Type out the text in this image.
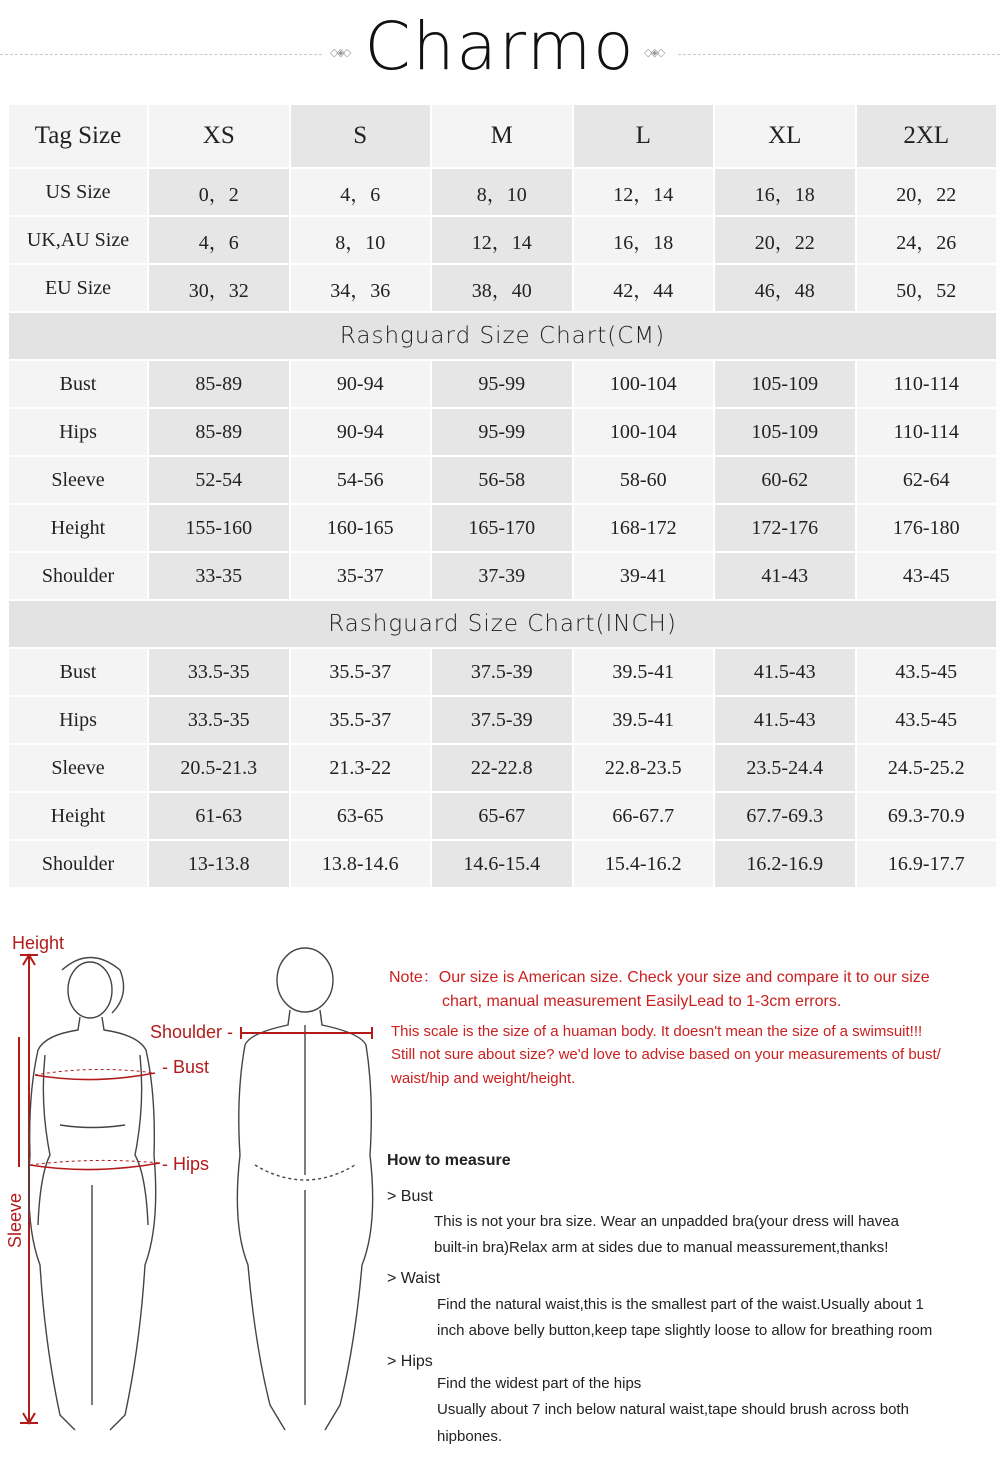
◇◈◇ Charmo ◇◈◇
Tag Size	XS	S	M	L	XL	2XL
US Size	0，2	4，6	8，10	12，14	16，18	20，22
UK,AU Size	4，6	8，10	12，14	16，18	20，22	24，26
EU Size	30，32	34，36	38，40	42，44	46，48	50，52
Rashguard Size Chart(CM)						
Bust	85-89	90-94	95-99	100-104	105-109	110-114
Hips	85-89	90-94	95-99	100-104	105-109	110-114
Sleeve	52-54	54-56	56-58	58-60	60-62	62-64
Height	155-160	160-165	165-170	168-172	172-176	176-180
Shoulder	33-35	35-37	37-39	39-41	41-43	43-45
Rashguard Size Chart(INCH)						
Bust	33.5-35	35.5-37	37.5-39	39.5-41	41.5-43	43.5-45
Hips	33.5-35	35.5-37	37.5-39	39.5-41	41.5-43	43.5-45
Sleeve	20.5-21.3	21.3-22	22-22.8	22.8-23.5	23.5-24.4	24.5-25.2
Height	61-63	63-65	65-67	66-67.7	67.7-69.3	69.3-70.9
Shoulder	13-13.8	13.8-14.6	14.6-15.4	15.4-16.2	16.2-16.9	16.9-17.7
Height
Shoulder -
- Bust
- Hips
Sleeve
Note：Our size is American size. Check your size and compare it to our size
chart, manual measurement EasilyLead to 1-3cm errors.
This scale is the size of a huaman body. It doesn't mean the size of a swimsuit!!!
Still not sure about size? we'd love to advise based on your measurements of bust/
waist/hip and weight/height.
How to measure
> Bust
This is not your bra size. Wear an unpadded bra(your dress will havea
built-in bra)Relax arm at sides due to manual meassurement,thanks!
> Waist
Find the natural waist,this is the smallest part of the waist.Usually about 1
inch above belly button,keep tape slightly loose to allow for breathing room
> Hips
Find the widest part of the hips
Usually about 7 inch below natural waist,tape should brush across both
hipbones.
